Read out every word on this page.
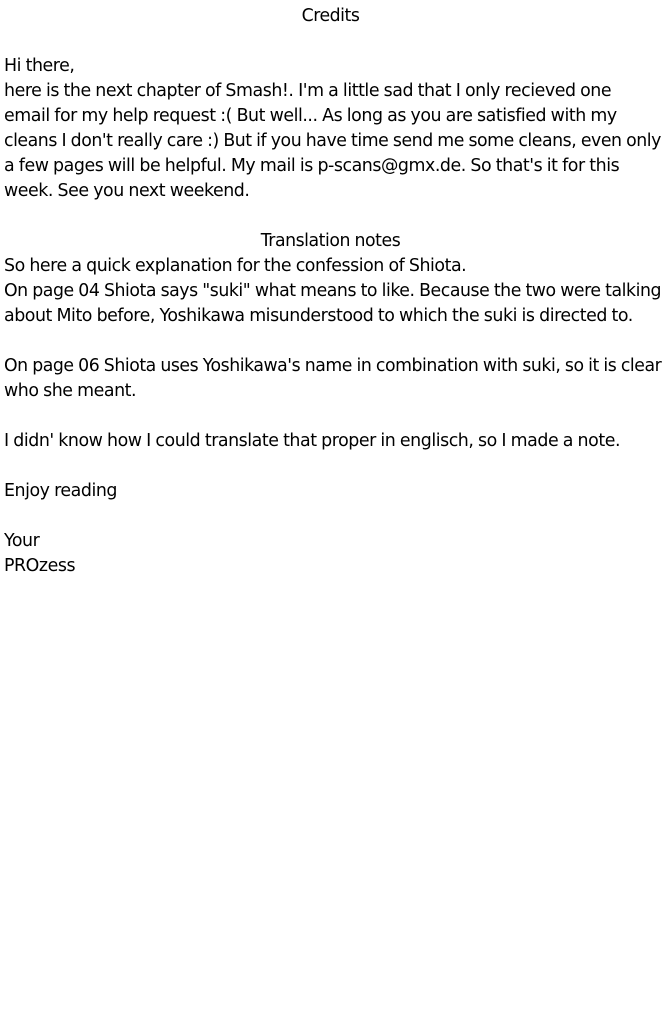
Credits
Hi there,
here is the next chapter of Smash!. I'm a little sad that I only recieved one
email for my help request :( But well... As long as you are satisfied with my
cleans I don't really care :) But if you have time send me some cleans, even only
a few pages will be helpful. My mail is p-scans@gmx.de. So that's it for this
week. See you next weekend.
Translation notes
So here a quick explanation for the confession of Shiota.
On page 04 Shiota says "suki" what means to like. Because the two were talking
about Mito before, Yoshikawa misunderstood to which the suki is directed to.
On page 06 Shiota uses Yoshikawa's name in combination with suki, so it is clear
who she meant.
I didn' know how I could translate that proper in englisch, so I made a note.
Enjoy reading
Your
PROzess
